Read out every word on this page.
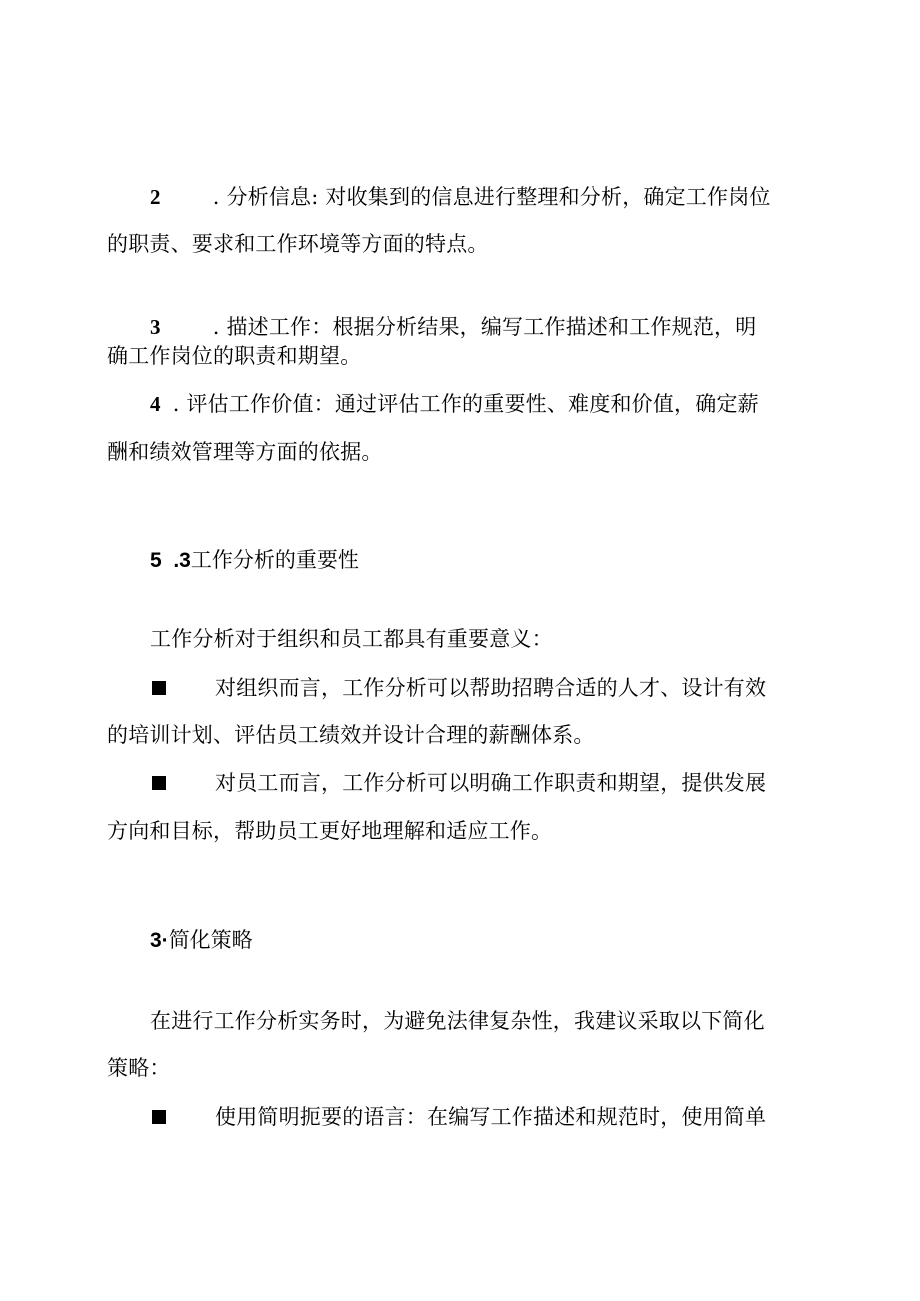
2 . 分析信息: 对收集到的信息进行整理和分析，确定工作岗位
的职责、要求和工作环境等方面的特点。
3 . 描述工作：根据分析结果，编写工作描述和工作规范，明
确工作岗位的职责和期望。
4 . 评估工作价值：通过评估工作的重要性、难度和价值，确定薪
酬和绩效管理等方面的依据。
5  .3工作分析的重要性
工作分析对于组织和员工都具有重要意义：
对组织而言，工作分析可以帮助招聘合适的人才、设计有效
的培训计划、评估员工绩效并设计合理的薪酬体系。
对员工而言，工作分析可以明确工作职责和期望，提供发展
方向和目标，帮助员工更好地理解和适应工作。
3·简化策略
在进行工作分析实务时，为避免法律复杂性，我建议采取以下简化
策略：
使用简明扼要的语言：在编写工作描述和规范时，使用简单
